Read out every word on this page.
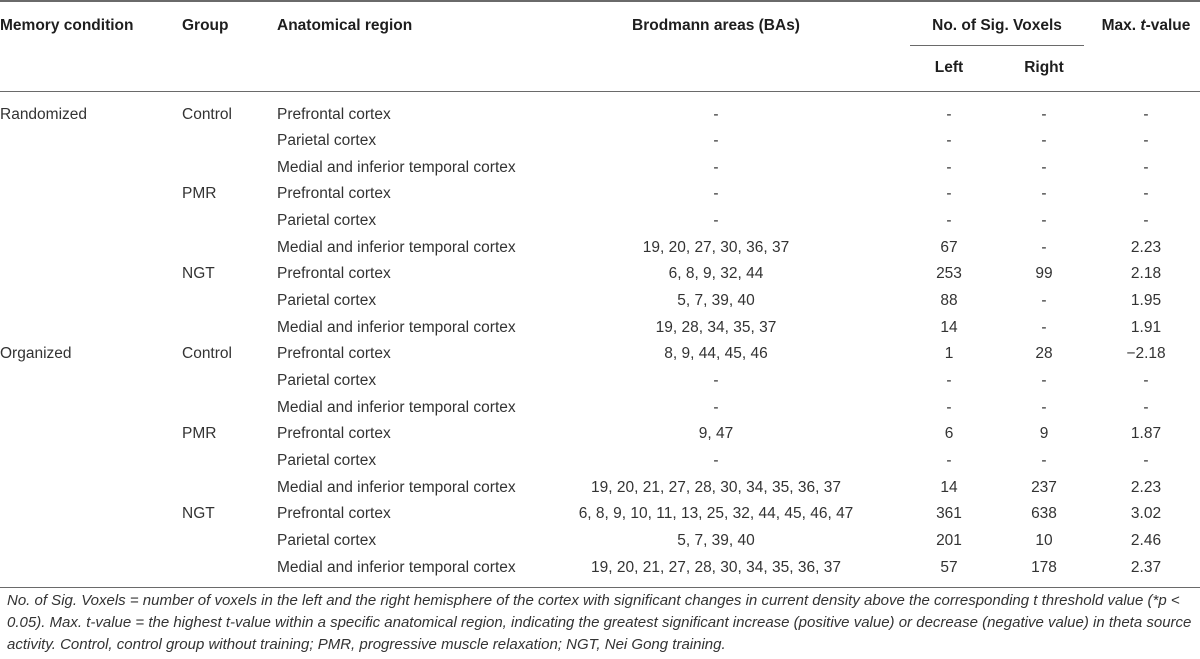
Memory condition	Group	Anatomical region	Brodmann areas (BAs)	No. of Sig. Voxels		Max. t-value
				Left	Right	
Randomized	Control	Prefrontal cortex	-	-	-	-
		Parietal cortex	-	-	-	-
		Medial and inferior temporal cortex	-	-	-	-
	PMR	Prefrontal cortex	-	-	-	-
		Parietal cortex	-	-	-	-
		Medial and inferior temporal cortex	19, 20, 27, 30, 36, 37	67	-	2.23
	NGT	Prefrontal cortex	6, 8, 9, 32, 44	253	99	2.18
		Parietal cortex	5, 7, 39, 40	88	-	1.95
		Medial and inferior temporal cortex	19, 28, 34, 35, 37	14	-	1.91
Organized	Control	Prefrontal cortex	8, 9, 44, 45, 46	1	28	−2.18
		Parietal cortex	-	-	-	-
		Medial and inferior temporal cortex	-	-	-	-
	PMR	Prefrontal cortex	9, 47	6	9	1.87
		Parietal cortex	-	-	-	-
		Medial and inferior temporal cortex	19, 20, 21, 27, 28, 30, 34, 35, 36, 37	14	237	2.23
	NGT	Prefrontal cortex	6, 8, 9, 10, 11, 13, 25, 32, 44, 45, 46, 47	361	638	3.02
		Parietal cortex	5, 7, 39, 40	201	10	2.46
		Medial and inferior temporal cortex	19, 20, 21, 27, 28, 30, 34, 35, 36, 37	57	178	2.37

No. of Sig. Voxels = number of voxels in the left and the right hemisphere of the cortex with significant changes in current density above the corresponding t threshold value (*p < 0.05). Max. t-value = the highest t-value within a specific anatomical region, indicating the greatest significant increase (positive value) or decrease (negative value) in theta source activity. Control, control group without training; PMR, progressive muscle relaxation; NGT, Nei Gong training.
